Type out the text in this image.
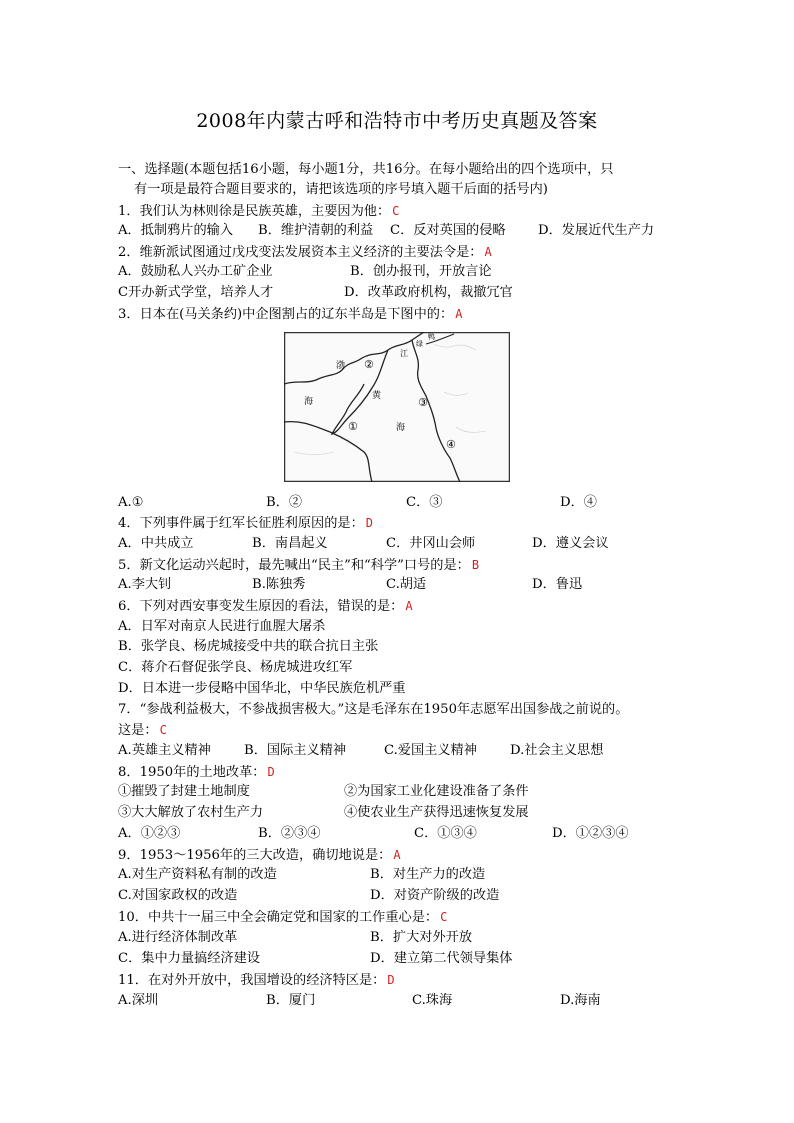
2008年内蒙古呼和浩特市中考历史真题及答案
一、选择题(本题包括16小题，每小题1分，共16分。在每小题给出的四个选项中，只
有一项是最符合题目要求的，请把该选项的序号填入题干后面的括号内)
1．我们认为林则徐是民族英雄，主要因为他： C
A．抵制鸦片的输入 B．维护清朝的利益 C．反对英国的侵略 D．发展近代生产力
2．维新派试图通过戊戌变法发展资本主义经济的主要法令是： A
A．鼓励私人兴办工矿企业	B．创办报刊，开放言论
C开办新式学堂，培养人才	D．改革政府机构，裁撤冗官
3．日本在(马关条约)中企图割占的辽东半岛是下图中的： A
渤
海
黄
海
江
绿
鸭
①
②
③
④
A.①	B．②	C．③	D．④
4．下列事件属于红军长征胜利原因的是： D
A．中共成立	B．南昌起义	C．井冈山会师	D．遵义会议
5．新文化运动兴起时，最先喊出“民主”和“科学”口号的是： B
A.李大钊	B.陈独秀	C.胡适	D．鲁迅
6．下列对西安事变发生原因的看法，错误的是： A
A．日军对南京人民进行血腥大屠杀
B．张学良、杨虎城接受中共的联合抗日主张
C．蒋介石督促张学良、杨虎城进攻红军
D．日本进一步侵略中国华北，中华民族危机严重
7．“参战利益极大，不参战损害极大。”这是毛泽东在1950年志愿军出国参战之前说的。
这是： C
A.英雄主义精神	B．国际主义精神	C.爱国主义精神	D.社会主义思想
8．1950年的土地改革： D
①摧毁了封建土地制度	②为国家工业化建设准备了条件
③大大解放了农村生产力	④使农业生产获得迅速恢复发展
A．①②③	B．②③④	C．①③④	D．①②③④
9．1953～1956年的三大改造，确切地说是： A
A.对生产资料私有制的改造	B．对生产力的改造
C.对国家政权的改造	D．对资产阶级的改造
10．中共十一届三中全会确定党和国家的工作重心是： C
A.进行经济体制改革	B．扩大对外开放
C．集中力量搞经济建设	D．建立第二代领导集体
11．在对外开放中，我国增设的经济特区是： D
A.深圳	B．厦门	C.珠海	D.海南
